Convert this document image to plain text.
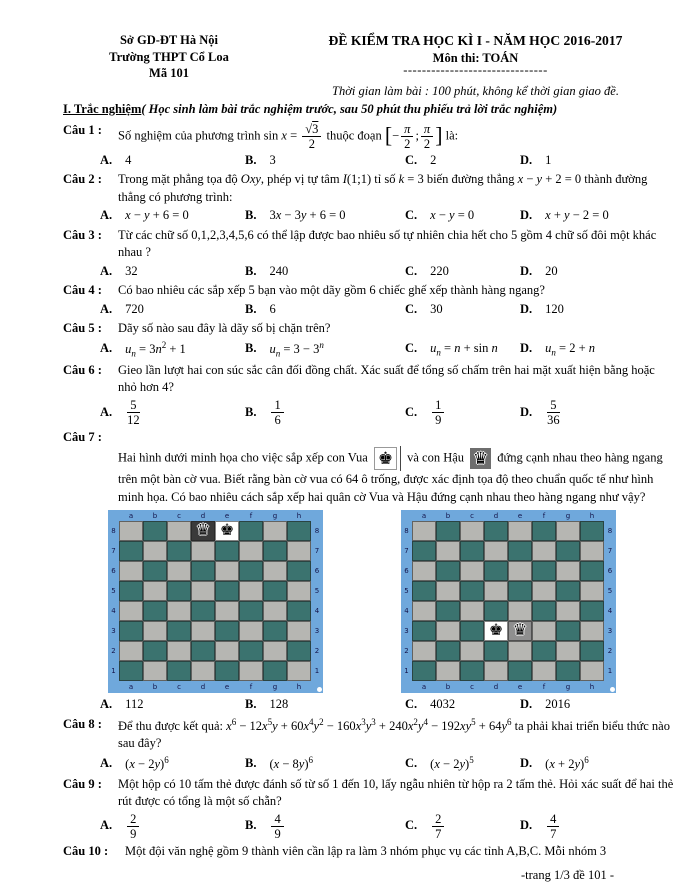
Sở GD-ĐT Hà Nội
Trường THPT Cổ Loa
Mã 101
ĐỀ KIỂM TRA HỌC KÌ I - NĂM HỌC 2016-2017
Môn thi: TOÁN
-------------------------------
Thời gian làm bài : 100 phút, không kể thời gian giao đề.
I. Trắc nghiệm( Học sinh làm bài trắc nghiệm trước, sau 50 phút thu phiếu trả lời trắc nghiệm)
Câu 1 :	Số nghiệm của phương trình $\sin x = \frac{√3}{2}$ thuộc đoạn [− $\frac{\pi}{2}$ ; $\frac{\pi}{2}$ ] là:
A. 4	B. 3	C. 2	D. 1
Câu 2 :	Trong mặt phẳng tọa độ Oxy, phép vị tự tâm I(1;1) tỉ số k = 3 biến đường thẳng x − y + 2 = 0 thành đường thẳng có phương trình:
A. x − y + 6 = 0	B. 3x − 3y + 6 = 0	C. x − y = 0	D. x + y − 2 = 0
Câu 3 :	Từ các chữ số 0,1,2,3,4,5,6 có thể lập được bao nhiêu số tự nhiên chia hết cho 5 gồm 4 chữ số đôi một khác nhau ?
A. 32	B. 240	C. 220	D. 20
Câu 4 :	Có bao nhiêu các sắp xếp 5 bạn vào một dãy gồm 6 chiếc ghế xếp thành hàng ngang?
A. 720	B. 6	C. 30	D. 120
Câu 5 :	Dãy số nào sau đây là dãy số bị chặn trên?
A. $u_n = 3n^2 + 1$	B. $u_n = 3 - 3^n$	C. $u_n = n + \sin n$ D. $u_n = 2 + n$
Câu 6 :	Gieo lần lượt hai con súc sắc cân đối đồng chất. Xác suất để tổng số chấm trên hai mặt xuất hiện bằng hoặc nhỏ hơn 4?
A. $\frac{5}{12}$	B. $\frac{1}{6}$	C. $\frac{1}{9}$	D. $\frac{5}{36}$
Câu 7 :
Hai hình dưới minh họa cho việc sắp xếp con Vua ♚ và con Hậu ♛ đứng cạnh nhau theo hàng ngang trên một bàn cờ vua. Biết rằng bàn cờ vua có 64 ô trống, được xác định tọa độ theo chuẩn quốc tế như hình minh họa. Có bao nhiêu cách sắp xếp hai quân cờ Vua và Hậu đứng cạnh nhau theo hàng ngang như vậy?
a	b	c	d	e	f	g	h
8	♛ ♚	8
7	7
6	6
5	5
4	4
3	3
2	2
1	1
a	b	c	d	e	f	g	h
a	b	c	d	e	f	g	h
8	8
7	7
6	6
5	5
4	4
3	♚ ♛	3
2	2
1	1
a	b	c	d	e	f	g	h
A. 112	B. 128	C. 4032	D. 2016
Câu 8 :	Để thu được kết quả: $x^6 - 12x^5y + 60x^4y^2 - 160x^3y^3 + 240x^2y^4 - 192xy^5 + 64y^6$ ta phải khai triển biểu thức nào sau đây?
A. $(x - 2y)^6$	B. $(x - 8y)^6$	C. $(x - 2y)^5$	D. $(x + 2y)^6$
Câu 9 :	Một hộp có 10 tấm thẻ được đánh số từ số 1 đến 10, lấy ngẫu nhiên từ hộp ra 2 tấm thẻ. Hỏi xác suất để hai thẻ rút được có tổng là một số chẵn?
A. $\frac{2}{9}$	B. $\frac{4}{9}$	C. $\frac{2}{7}$	D. $\frac{4}{7}$
Câu 10 :	Một đội văn nghệ gồm 9 thành viên cần lập ra làm 3 nhóm phục vụ các tỉnh A,B,C. Mỗi nhóm 3
-trang 1/3 đề 101 -
